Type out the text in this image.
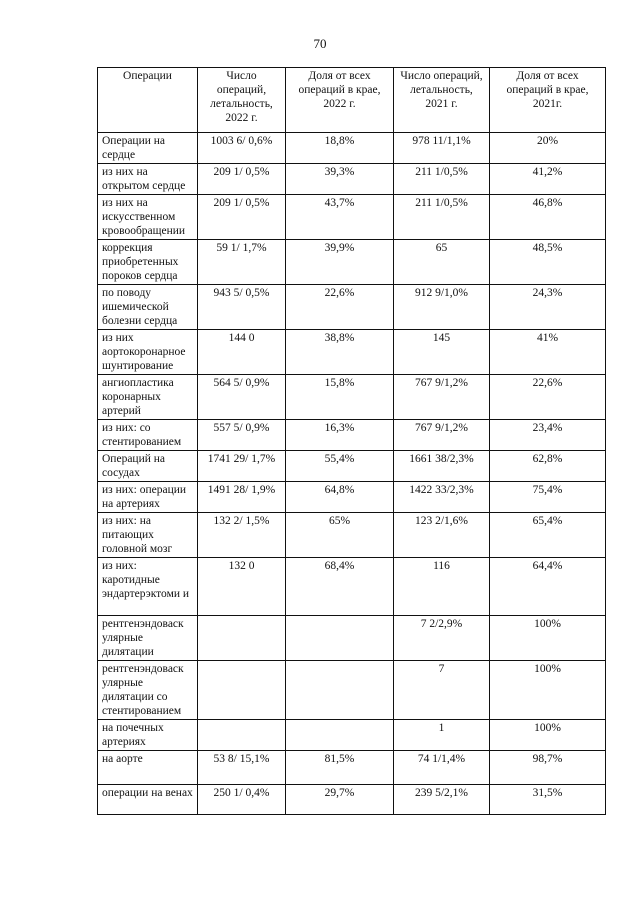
70
Операции	Число операций, летальность, 2022 г.	Доля от всех операций в крае, 2022 г.	Число операций, летальность, 2021 г.	Доля от всех операций в крае, 2021г.
Операции на сердце	1003 6/ 0,6%	18,8%	978 11/1,1%	20%
из них на открытом сердце	209 1/ 0,5%	39,3%	211 1/0,5%	41,2%
из них на искусственном кровообращении	209 1/ 0,5%	43,7%	211 1/0,5%	46,8%
коррекция приобретенных пороков сердца	59 1/ 1,7%	39,9%	65	48,5%
по поводу ишемической болезни сердца	943 5/ 0,5%	22,6%	912 9/1,0%	24,3%
из них аортокоронарное шунтирование	144 0	38,8%	145	41%
ангиопластика коронарных артерий	564 5/ 0,9%	15,8%	767 9/1,2%	22,6%
из них: со стентированием	557 5/ 0,9%	16,3%	767 9/1,2%	23,4%
Операций на сосудах	1741 29/ 1,7%	55,4%	1661 38/2,3%	62,8%
из них: операции на артериях	1491 28/ 1,9%	64,8%	1422 33/2,3%	75,4%
из них: на питающих головной мозг	132 2/ 1,5%	65%	123 2/1,6%	65,4%
из них: каротидные эндартерэктоми и	132 0	68,4%	116	64,4%
рентгенэндоваск улярные дилятации			7 2/2,9%	100%
рентгенэндоваск улярные дилятации со стентированием			7	100%
на почечных артериях			1	100%
на аорте	53 8/ 15,1%	81,5%	74 1/1,4%	98,7%
операции на венах	250 1/ 0,4%	29,7%	239 5/2,1%	31,5%
